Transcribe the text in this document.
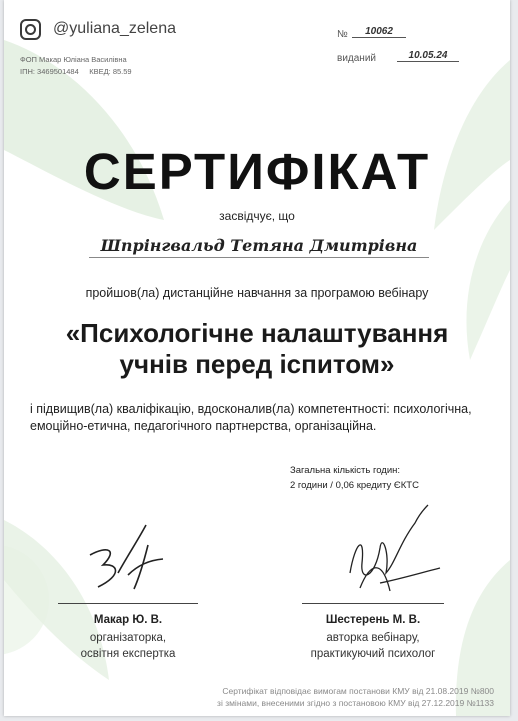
@yuliana_zelena
ФОП Макар Юліана Василівна
ІПН: 3469501484 КВЕД: 85.59
№	10062
виданий	10.05.24
СЕРТИФІКАТ
засвідчує, що
Шпрінгвальд Тетяна Дмитрівна
пройшов(ла) дистанційне навчання за програмою вебінару
«Психологічне налаштування
учнів перед іспитом»
і підвищив(ла) кваліфікацію, вдосконалив(ла) компетентності: психологічна, емоційно-етична, педагогічного партнерства, організаційна.
Загальна кількість годин:
2 години / 0,06 кредиту ЄКТС
Макар Ю. В.
організаторка,
освітня експертка
Шестерень М. В.
авторка вебінару,
практикуючий психолог
Сертифікат відповідає вимогам постанови КМУ від 21.08.2019 №800
зі змінами, внесеними згідно з постановою КМУ від 27.12.2019 №1133
